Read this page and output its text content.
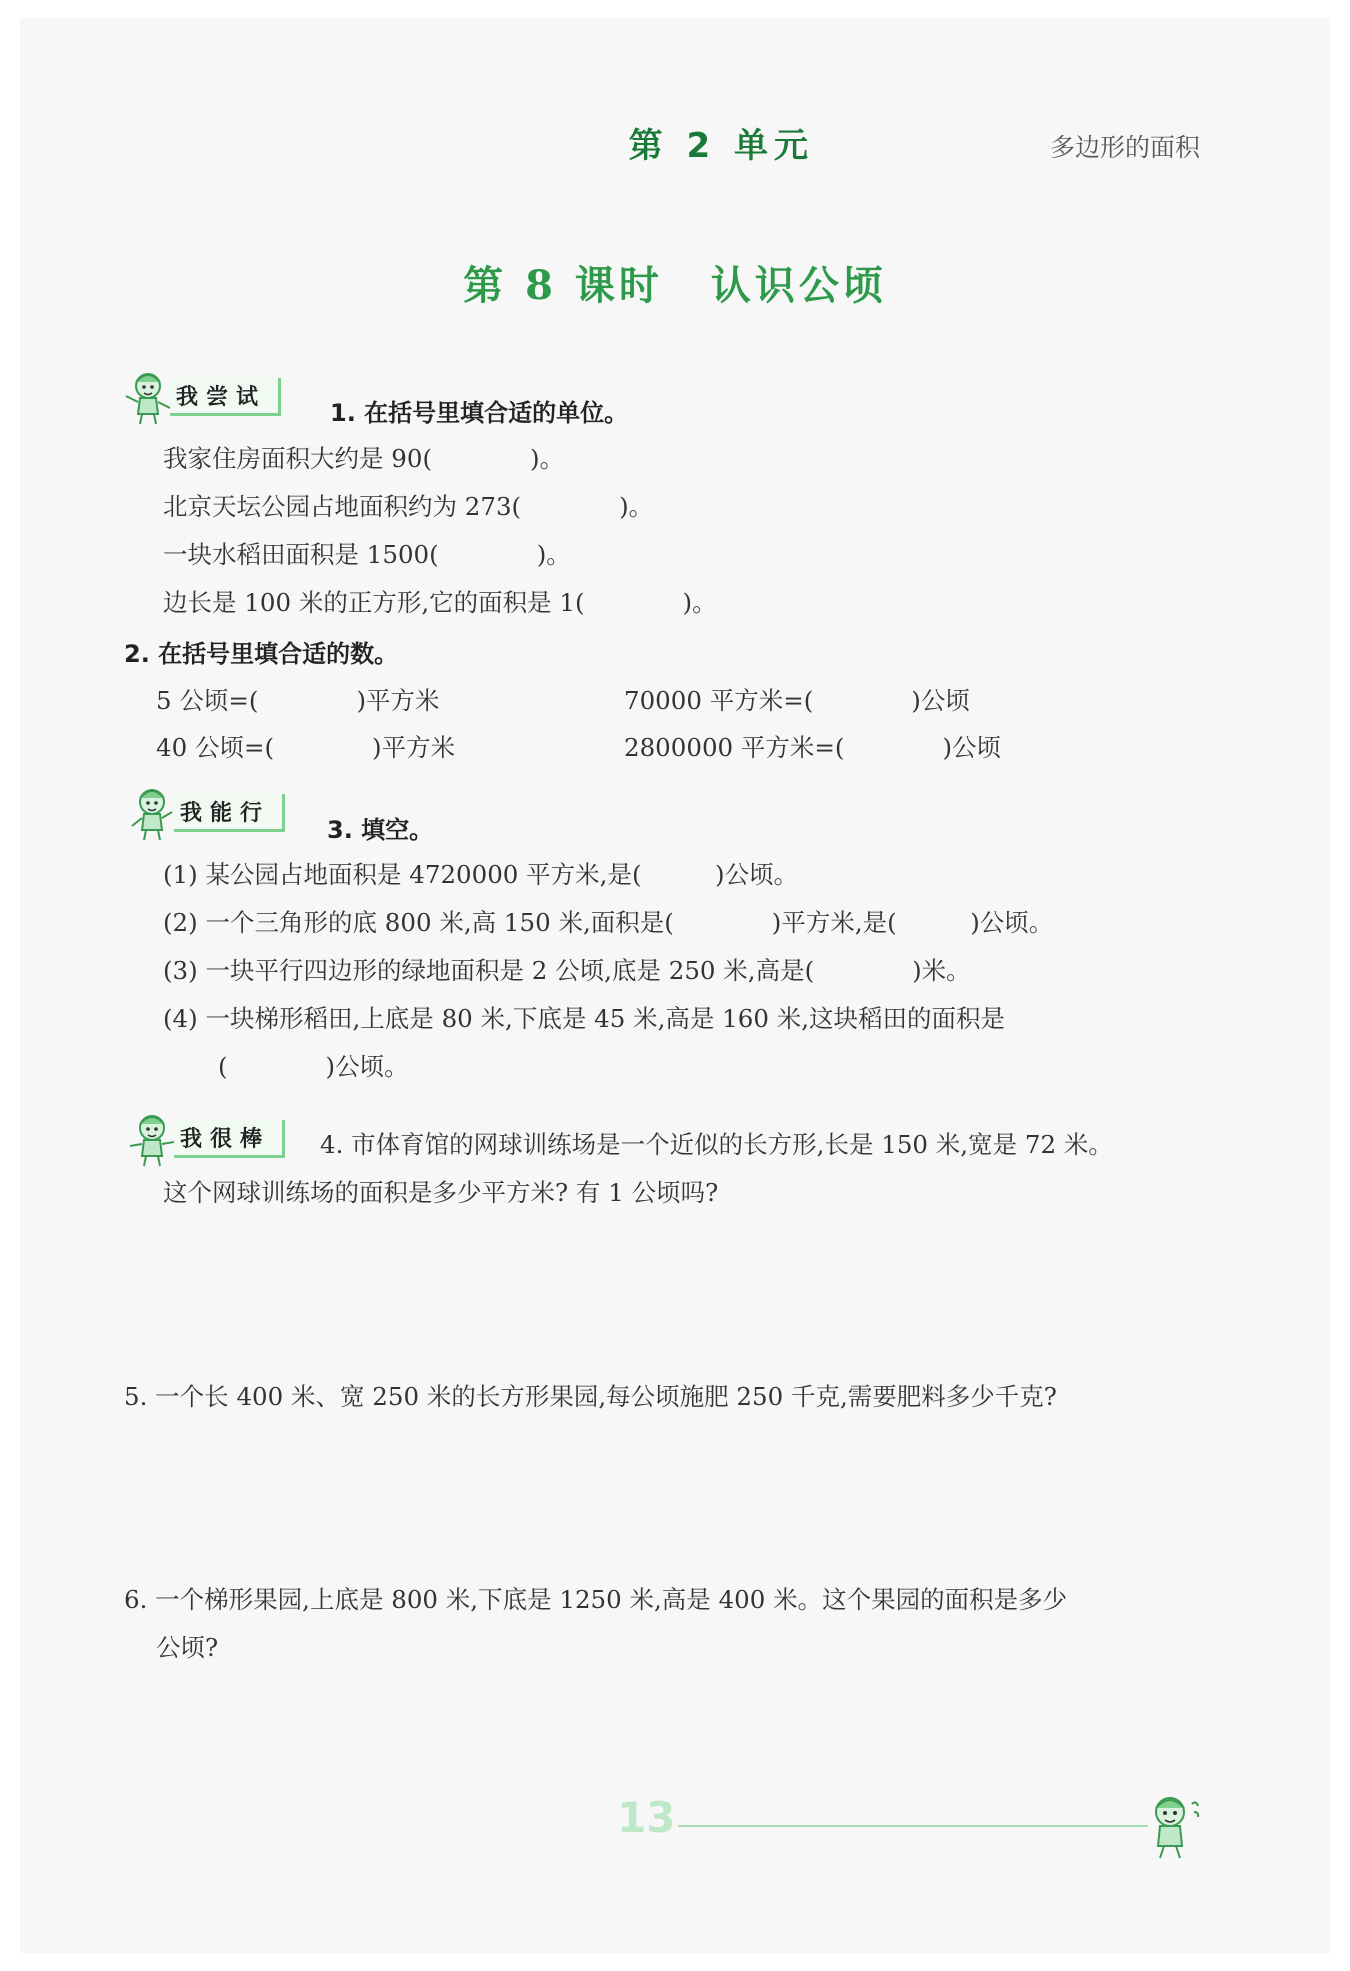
第 2 单元	多边形的面积
第 8 课时 认识公顷
我尝试
1. 在括号里填合适的单位。
我家住房面积大约是 90(　　　　)。
北京天坛公园占地面积约为 273(　　　　)。
一块水稻田面积是 1500(　　　　)。
边长是 100 米的正方形,它的面积是 1(　　　　)。
2. 在括号里填合适的数。
5 公顷=(　　　　)平方米	70000 平方米=(　　　　)公顷
40 公顷=(　　　　)平方米	2800000 平方米=(　　　　)公顷
我能行
3. 填空。
(1) 某公园占地面积是 4720000 平方米,是(　　　)公顷。
(2) 一个三角形的底 800 米,高 150 米,面积是(　　　　)平方米,是(　　　)公顷。
(3) 一块平行四边形的绿地面积是 2 公顷,底是 250 米,高是(　　　　)米。
(4) 一块梯形稻田,上底是 80 米,下底是 45 米,高是 160 米,这块稻田的面积是
(　　　　)公顷。
我很棒	4. 市体育馆的网球训练场是一个近似的长方形,长是 150 米,宽是 72 米。
这个网球训练场的面积是多少平方米? 有 1 公顷吗?
5. 一个长 400 米、宽 250 米的长方形果园,每公顷施肥 250 千克,需要肥料多少千克?
6. 一个梯形果园,上底是 800 米,下底是 1250 米,高是 400 米。这个果园的面积是多少
公顷?
13
